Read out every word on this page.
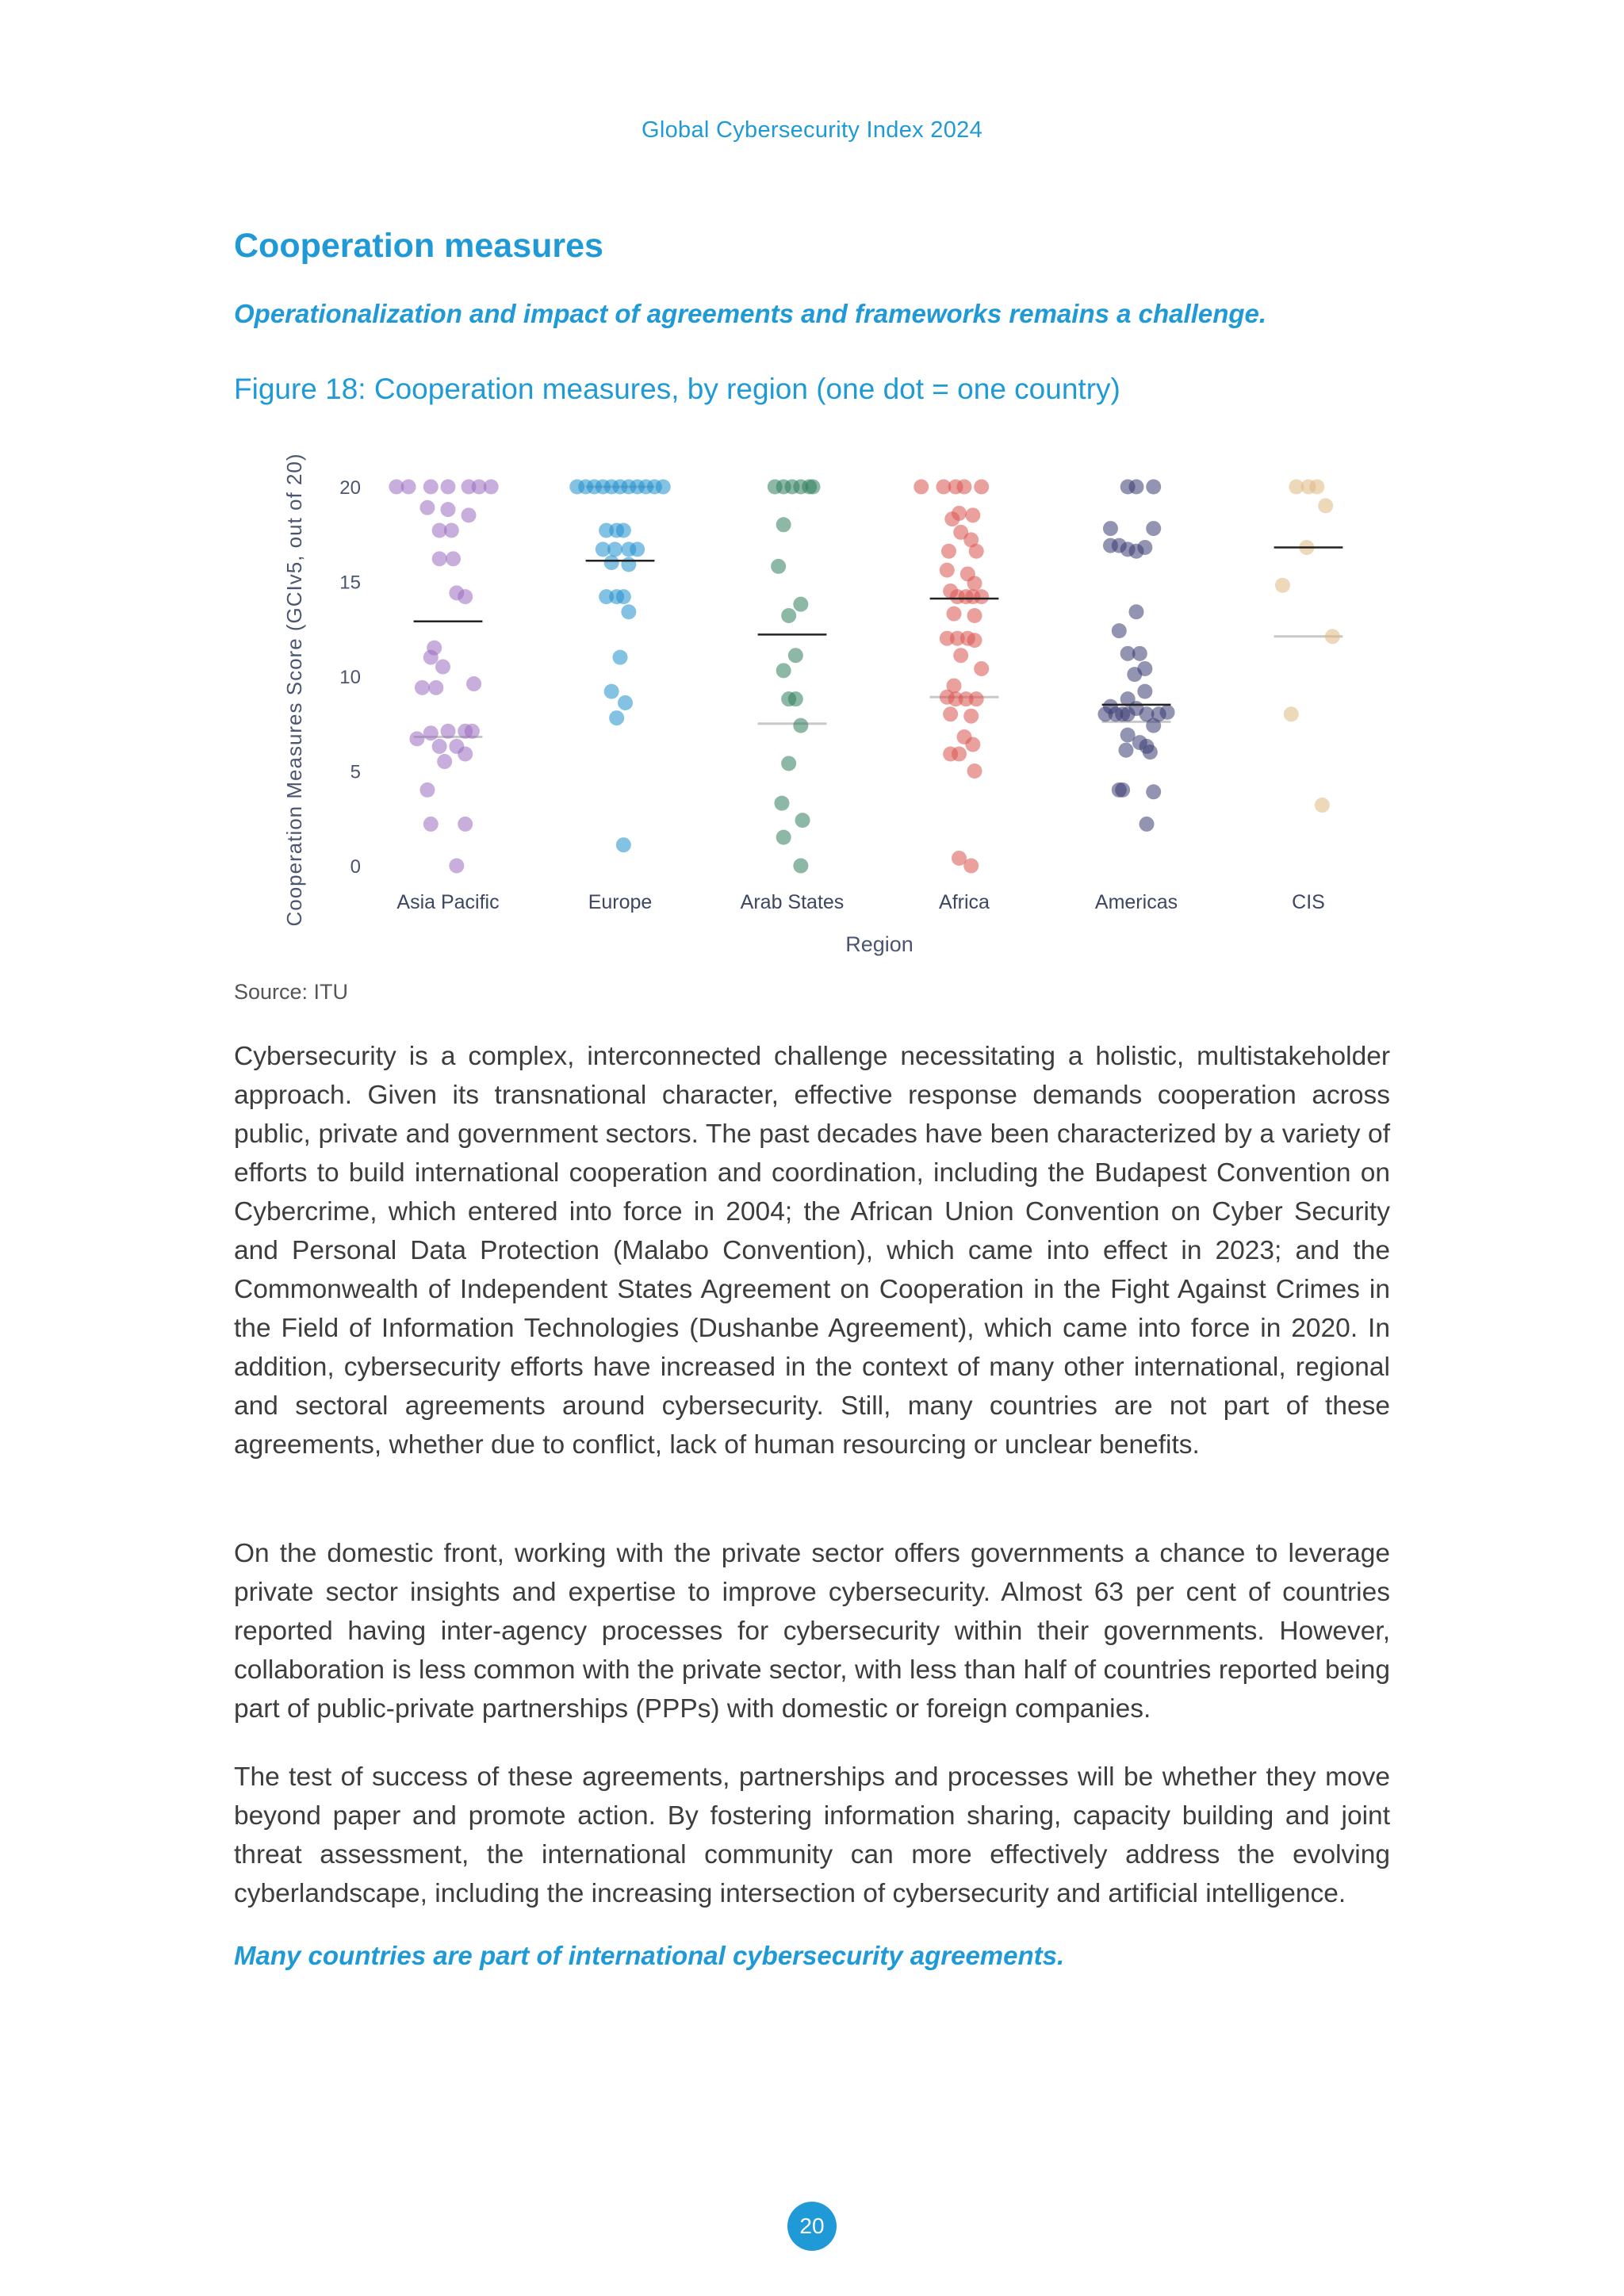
Global Cybersecurity Index 2024
Cooperation measures
Operationalization and impact of agreements and frameworks remains a challenge.
Figure 18: Cooperation measures, by region (one dot = one country)
Cooperation Measures Score (GCIv5, out of 20) 0
5
10
15
20
Asia Pacific	Europe	Arab States	Africa	Americas	CIS
Region
Source: ITU

Cybersecurity is a complex, interconnected challenge necessitating a holistic, multistakeholder approach. Given its transnational character, effective response demands cooperation across public, private and government sectors. The past decades have been characterized by a variety of efforts to build international cooperation and coordination, including the Budapest Convention on Cybercrime, which entered into force in 2004; the African Union Convention on Cyber Security and Personal Data Protection (Malabo Convention), which came into effect in 2023; and the Commonwealth of Independent States Agreement on Cooperation in the Fight Against Crimes in the Field of Information Technologies (Dushanbe Agreement), which came into force in 2020. In addition, cybersecurity efforts have increased in the context of many other international, regional and sectoral agreements around cybersecurity. Still, many countries are not part of these agreements, whether due to conflict, lack of human resourcing or unclear benefits.

On the domestic front, working with the private sector offers governments a chance to leverage private sector insights and expertise to improve cybersecurity. Almost 63 per cent of countries reported having inter-agency processes for cybersecurity within their governments. However, collaboration is less common with the private sector, with less than half of countries reported being part of public-private partnerships (PPPs) with domestic or foreign companies.

The test of success of these agreements, partnerships and processes will be whether they move beyond paper and promote action. By fostering information sharing, capacity building and joint threat assessment, the international community can more effectively address the evolving cyberlandscape, including the increasing intersection of cybersecurity and artificial intelligence.

Many countries are part of international cybersecurity agreements.
20
